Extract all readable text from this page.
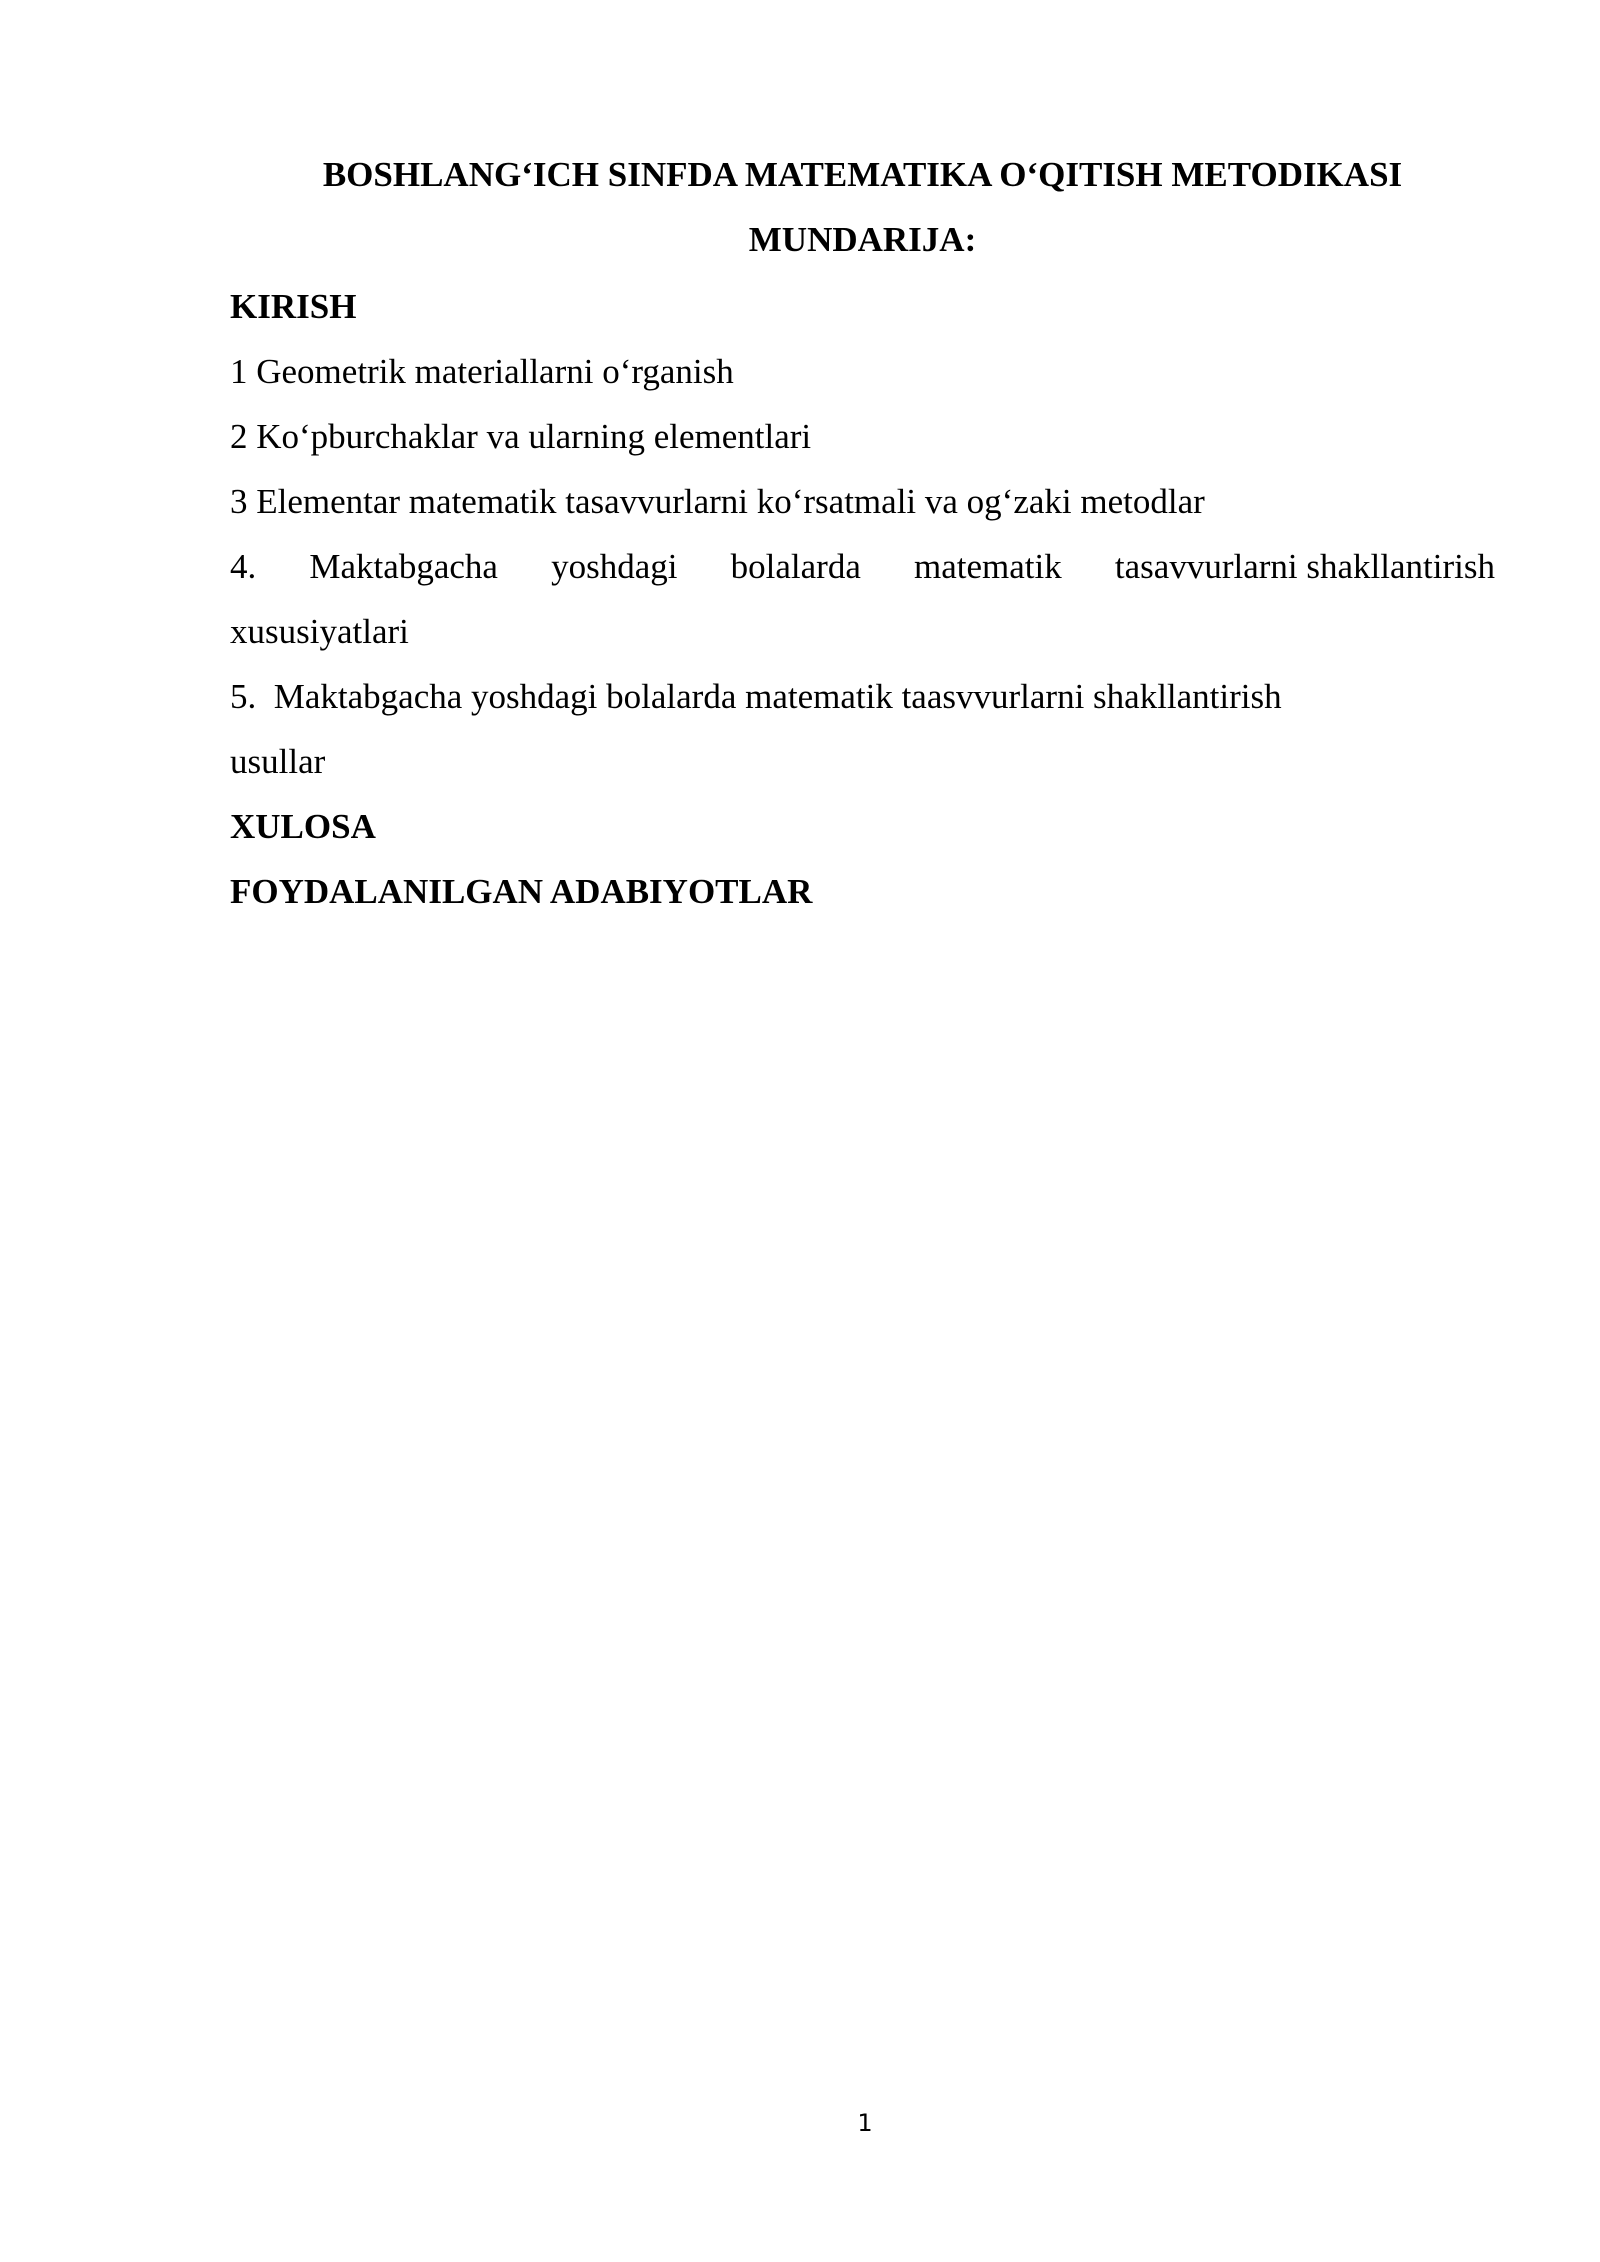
BOSHLANG‘ICH SINFDA MATEMATIKA O‘QITISH METODIKASI
MUNDARIJA:
KIRISH
1 Geometrik materiallarni o‘rganish
2 Ko‘pburchaklar va ularning elementlari
3 Elementar matematik tasavvurlarni ko‘rsatmali va og‘zaki metodlar
4. Maktabgacha yoshdagi bolalarda matematik tasavvurlarni shakllantirish
xususiyatlari
5.  Maktabgacha yoshdagi bolalarda matematik taasvvurlarni shakllantirish
usullar
XULOSA
FOYDALANILGAN ADABIYOTLAR
1
